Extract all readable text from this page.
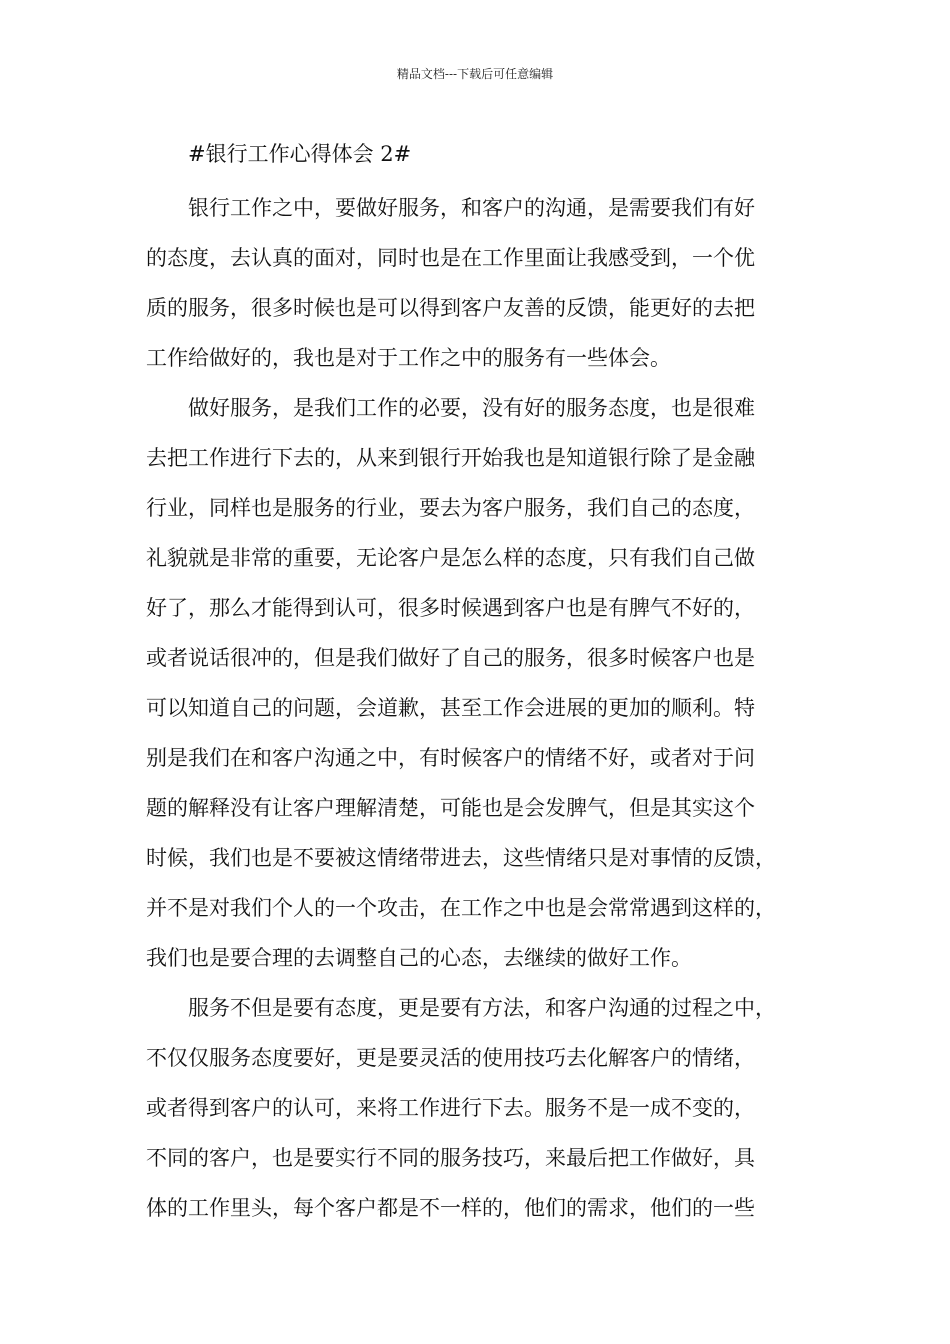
精品文档---下载后可任意编辑
#银行工作心得体会 2#
银行工作之中，要做好服务，和客户的沟通，是需要我们有好
的态度，去认真的面对，同时也是在工作里面让我感受到，一个优
质的服务，很多时候也是可以得到客户友善的反馈，能更好的去把
工作给做好的，我也是对于工作之中的服务有一些体会。
做好服务，是我们工作的必要，没有好的服务态度，也是很难
去把工作进行下去的，从来到银行开始我也是知道银行除了是金融
行业，同样也是服务的行业，要去为客户服务，我们自己的态度，
礼貌就是非常的重要，无论客户是怎么样的态度，只有我们自己做
好了，那么才能得到认可，很多时候遇到客户也是有脾气不好的，
或者说话很冲的，但是我们做好了自己的服务，很多时候客户也是
可以知道自己的问题，会道歉，甚至工作会进展的更加的顺利。特
别是我们在和客户沟通之中，有时候客户的情绪不好，或者对于问
题的解释没有让客户理解清楚，可能也是会发脾气，但是其实这个
时候，我们也是不要被这情绪带进去，这些情绪只是对事情的反馈，
并不是对我们个人的一个攻击，在工作之中也是会常常遇到这样的，
我们也是要合理的去调整自己的心态，去继续的做好工作。
服务不但是要有态度，更是要有方法，和客户沟通的过程之中，
不仅仅服务态度要好，更是要灵活的使用技巧去化解客户的情绪，
或者得到客户的认可，来将工作进行下去。服务不是一成不变的，
不同的客户，也是要实行不同的服务技巧，来最后把工作做好，具
体的工作里头，每个客户都是不一样的，他们的需求，他们的一些
